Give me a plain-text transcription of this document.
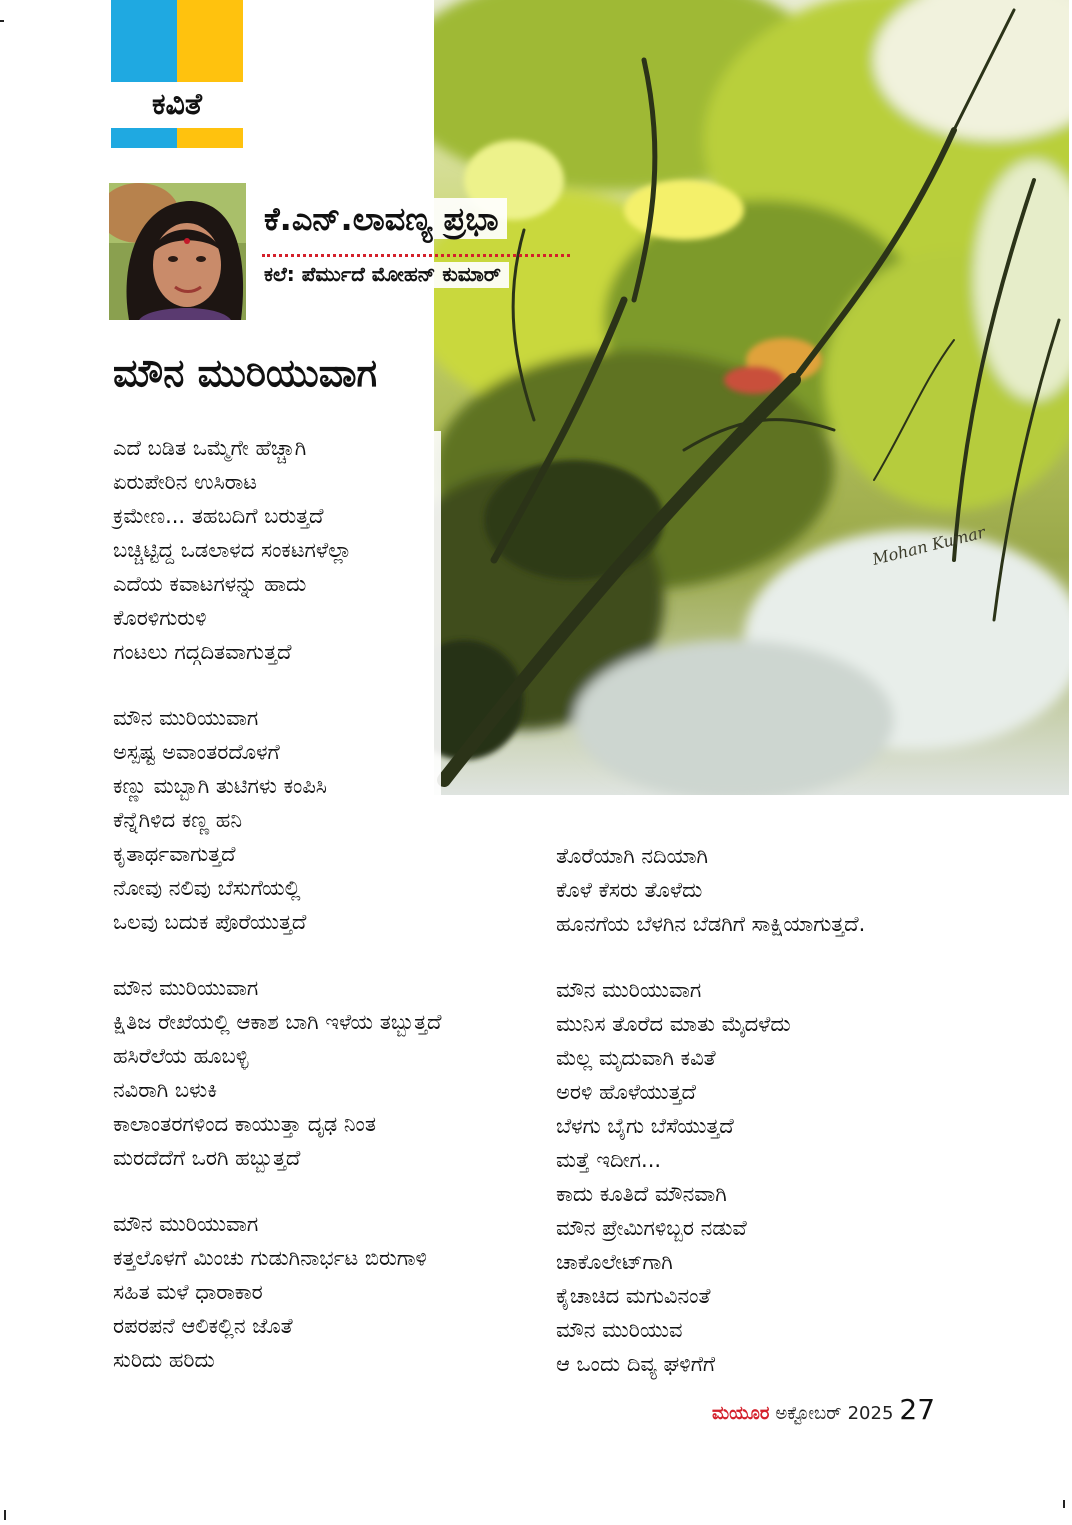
ಕವಿತೆ
Mohan Kumar
ಕೆ.ಎನ್.ಲಾವಣ್ಯ ಪ್ರಭಾ
ಕಲೆ: ಪೆರ್ಮುದೆ ಮೋಹನ್ ಕುಮಾರ್
ಮೌನ ಮುರಿಯುವಾಗ
ಎದೆ ಬಡಿತ ಒಮ್ಮೆಗೇ ಹೆಚ್ಚಾಗಿ
ಏರುಪೇರಿನ ಉಸಿರಾಟ
ಕ್ರಮೇಣ... ತಹಬದಿಗೆ ಬರುತ್ತದೆ
ಬಚ್ಚಿಟ್ಟಿದ್ದ ಒಡಲಾಳದ ಸಂಕಟಗಳೆಲ್ಲಾ
ಎದೆಯ ಕವಾಟಗಳನ್ನು ಹಾದು
ಕೊರಳಿಗುರುಳಿ
ಗಂಟಲು ಗದ್ಗದಿತವಾಗುತ್ತದೆ
ಮೌನ ಮುರಿಯುವಾಗ
ಅಸ್ಪಷ್ಟ ಅವಾಂತರದೊಳಗೆ
ಕಣ್ಣು ಮಬ್ಬಾಗಿ ತುಟಿಗಳು ಕಂಪಿಸಿ
ಕೆನ್ನೆಗಿಳಿದ ಕಣ್ಣ ಹನಿ
ಕೃತಾರ್ಥವಾಗುತ್ತದೆ
ನೋವು ನಲಿವು ಬೆಸುಗೆಯಲ್ಲಿ
ಒಲವು ಬದುಕ ಪೊರೆಯುತ್ತದೆ
ಮೌನ ಮುರಿಯುವಾಗ
ಕ್ಷಿತಿಜ ರೇಖೆಯಲ್ಲಿ ಆಕಾಶ ಬಾಗಿ ಇಳೆಯ ತಬ್ಬುತ್ತದೆ
ಹಸಿರೆಲೆಯ ಹೂಬಳ್ಳಿ
ನವಿರಾಗಿ ಬಳುಕಿ
ಕಾಲಾಂತರಗಳಿಂದ ಕಾಯುತ್ತಾ ದೃಢ ನಿಂತ
ಮರದೆದೆಗೆ ಒರಗಿ ಹಬ್ಬುತ್ತದೆ
ಮೌನ ಮುರಿಯುವಾಗ
ಕತ್ತಲೊಳಗೆ ಮಿಂಚು ಗುಡುಗಿನಾರ್ಭಟ ಬಿರುಗಾಳಿ
ಸಹಿತ ಮಳೆ ಧಾರಾಕಾರ
ರಪರಪನೆ ಆಲಿಕಲ್ಲಿನ ಜೊತೆ
ಸುರಿದು ಹರಿದು
ತೊರೆಯಾಗಿ ನದಿಯಾಗಿ
ಕೊಳೆ ಕೆಸರು ತೊಳೆದು
ಹೂನಗೆಯ ಬೆಳಗಿನ ಬೆಡಗಿಗೆ ಸಾಕ್ಷಿಯಾಗುತ್ತದೆ.
ಮೌನ ಮುರಿಯುವಾಗ
ಮುನಿಸ ತೊರೆದ ಮಾತು ಮೈದಳೆದು
ಮೆಲ್ಲ ಮೃದುವಾಗಿ ಕವಿತೆ
ಅರಳಿ ಹೊಳೆಯುತ್ತದೆ
ಬೆಳಗು ಬೈಗು ಬೆಸೆಯುತ್ತದೆ
ಮತ್ತೆ ಇದೀಗ...
ಕಾದು ಕೂತಿದೆ ಮೌನವಾಗಿ
ಮೌನ ಪ್ರೇಮಿಗಳಿಬ್ಬರ ನಡುವೆ
ಚಾಕೊಲೇಟ್‌ಗಾಗಿ
ಕೈಚಾಚಿದ ಮಗುವಿನಂತೆ
ಮೌನ ಮುರಿಯುವ
ಆ ಒಂದು ದಿವ್ಯ ಘಳಿಗೆಗೆ
ಮಯೂರ ಅಕ್ಟೋಬರ್ 2025 27
